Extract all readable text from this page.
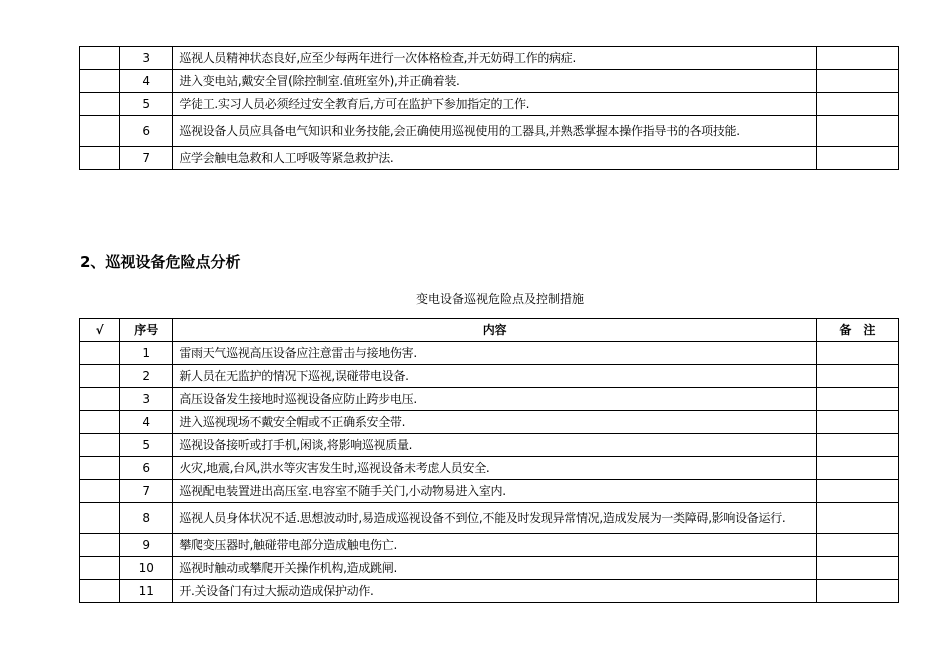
	3	巡视人员精神状态良好,应至少每两年进行一次体格检查,并无妨碍工作的病症.	
	4	进入变电站,戴安全冒(除控制室.值班室外),并正确着装.	
	5	学徒工.实习人员必须经过安全教育后,方可在监护下参加指定的工作.	
	6	巡视设备人员应具备电气知识和业务技能,会正确使用巡视使用的工器具,并熟悉掌握本操作指导书的各项技能.	
	7	应学会触电急救和人工呼吸等紧急救护法.	
2、巡视设备危险点分析

变电设备巡视危险点及控制措施

√	序号	内容	备　注
	1	雷雨天气巡视高压设备应注意雷击与接地伤害.	
	2	新人员在无监护的情况下巡视,误碰带电设备.	
	3	高压设备发生接地时巡视设备应防止跨步电压.	
	4	进入巡视现场不戴安全帽或不正确系安全带.	
	5	巡视设备接听或打手机,闲谈,将影响巡视质量.	
	6	火灾,地震,台风,洪水等灾害发生时,巡视设备未考虑人员安全.	
	7	巡视配电装置进出高压室.电容室不随手关门,小动物易进入室内.	
	8	巡视人员身体状况不适.思想波动时,易造成巡视设备不到位,不能及时发现异常情况,造成发展为一类障碍,影响设备运行.	
	9	攀爬变压器时,触碰带电部分造成触电伤亡.	
	10	巡视时触动或攀爬开关操作机构,造成跳闸.	
	11	开.关设备门有过大振动造成保护动作.	
